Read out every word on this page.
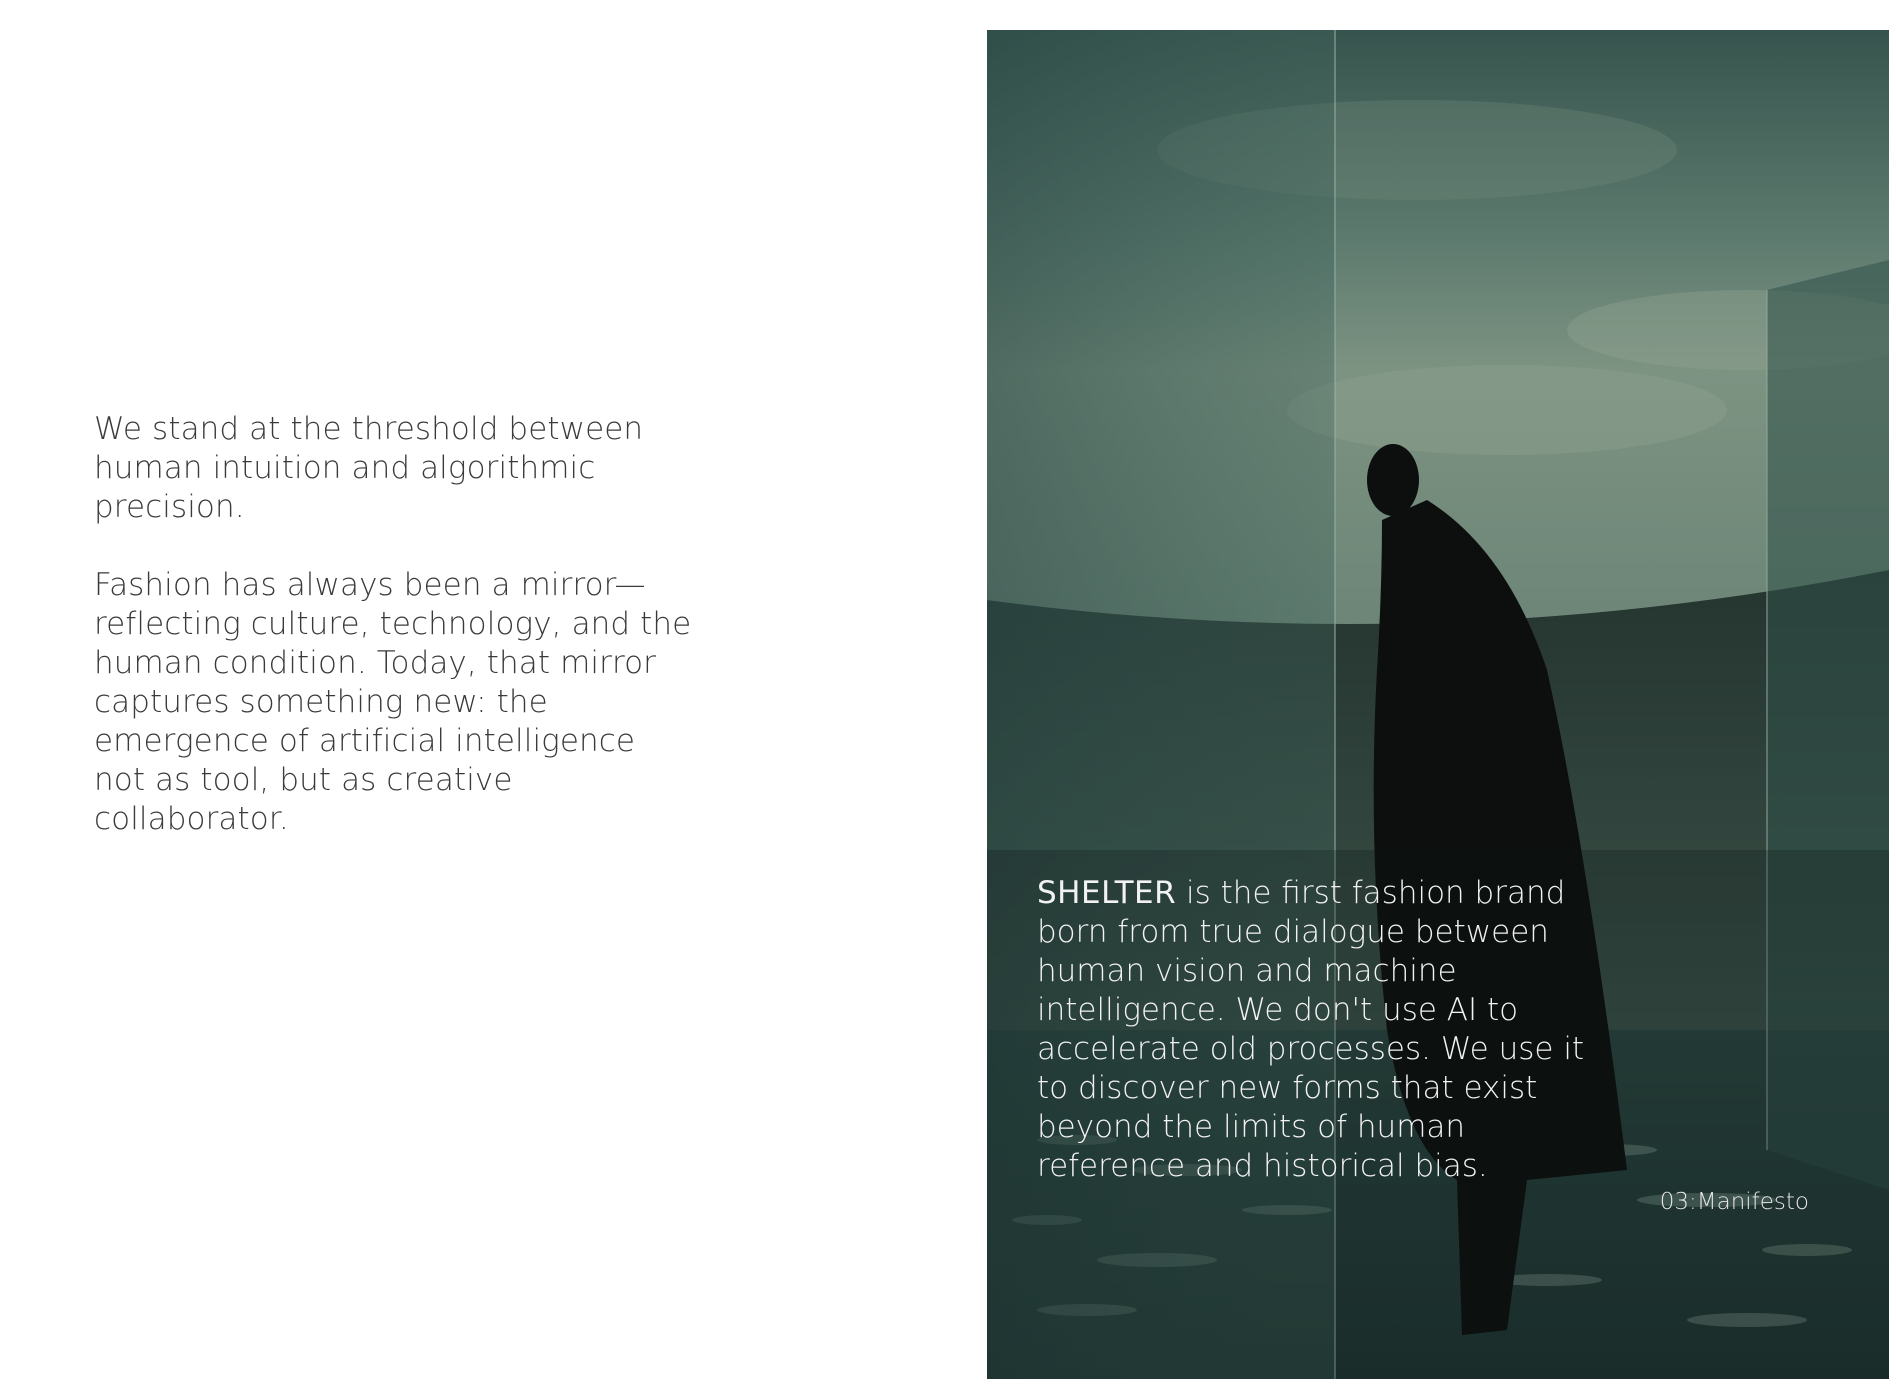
We stand at the threshold between human intuition and algorithmic precision.

Fashion has always been a mirror—reflecting culture, technology, and the human condition. Today, that mirror captures something new: the emergence of artificial intelligence not as tool, but as creative collaborator.

SHELTER is the first fashion brand born from true dialogue between human vision and machine intelligence. We don't use AI to accelerate old processes. We use it to discover new forms that exist beyond the limits of human reference and historical bias.

03:Manifesto
